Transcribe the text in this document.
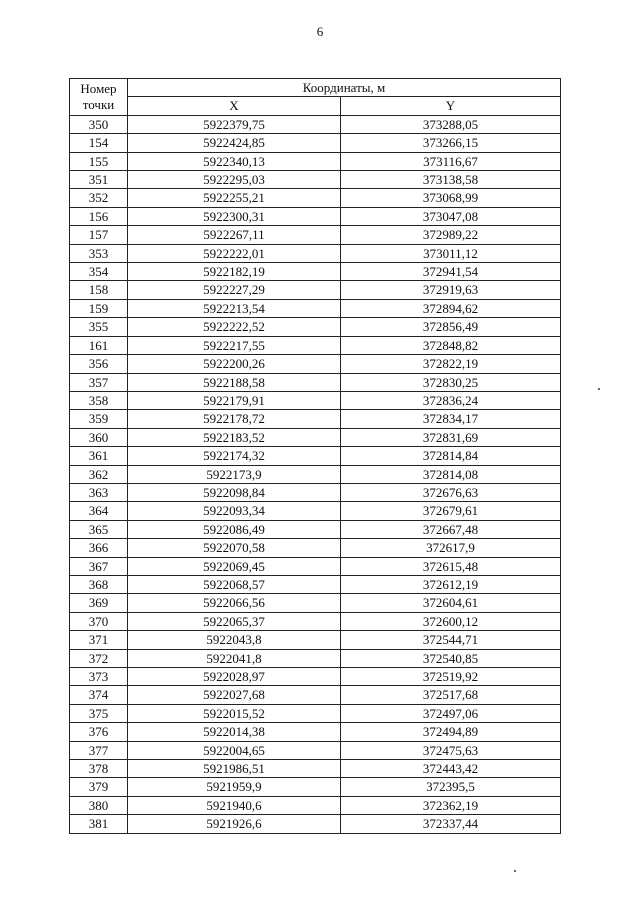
6
Номер
точки	Координаты, м	
	X	Y
350	5922379,75	373288,05
154	5922424,85	373266,15
155	5922340,13	373116,67
351	5922295,03	373138,58
352	5922255,21	373068,99
156	5922300,31	373047,08
157	5922267,11	372989,22
353	5922222,01	373011,12
354	5922182,19	372941,54
158	5922227,29	372919,63
159	5922213,54	372894,62
355	5922222,52	372856,49
161	5922217,55	372848,82
356	5922200,26	372822,19
357	5922188,58	372830,25
358	5922179,91	372836,24
359	5922178,72	372834,17
360	5922183,52	372831,69
361	5922174,32	372814,84
362	5922173,9	372814,08
363	5922098,84	372676,63
364	5922093,34	372679,61
365	5922086,49	372667,48
366	5922070,58	372617,9
367	5922069,45	372615,48
368	5922068,57	372612,19
369	5922066,56	372604,61
370	5922065,37	372600,12
371	5922043,8	372544,71
372	5922041,8	372540,85
373	5922028,97	372519,92
374	5922027,68	372517,68
375	5922015,52	372497,06
376	5922014,38	372494,89
377	5922004,65	372475,63
378	5921986,51	372443,42
379	5921959,9	372395,5
380	5921940,6	372362,19
381	5921926,6	372337,44
